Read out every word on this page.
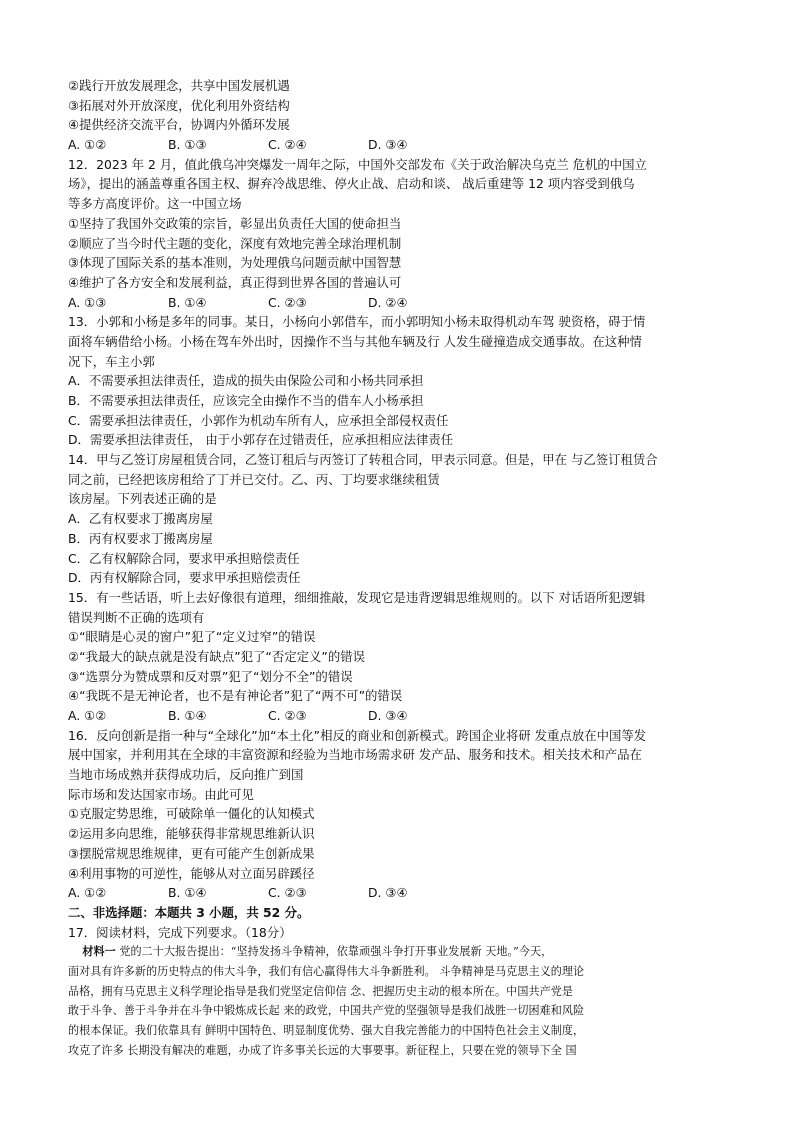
②践行开放发展理念，共享中国发展机遇
③拓展对外开放深度，优化利用外资结构
④提供经济交流平台，协调内外循环发展
A. ①②	B. ①③	C. ②④	D. ③④
12．2023 年 2 月，值此俄乌冲突爆发一周年之际，中国外交部发布《关于政治解决乌克兰 危机的中国立
场》，提出的涵盖尊重各国主权、摒弃冷战思维、停火止战、启动和谈、 战后重建等 12 项内容受到俄乌
等多方高度评价。这一中国立场
①坚持了我国外交政策的宗旨，彰显出负责任大国的使命担当
②顺应了当今时代主题的变化，深度有效地完善全球治理机制
③体现了国际关系的基本准则，为处理俄乌问题贡献中国智慧
④维护了各方安全和发展利益，真正得到世界各国的普遍认可
A. ①③	B. ①④	C. ②③	D. ②④
13．小郭和小杨是多年的同事。某日，小杨向小郭借车，而小郭明知小杨未取得机动车驾 驶资格，碍于情
面将车辆借给小杨。小杨在驾车外出时，因操作不当与其他车辆及行 人发生碰撞造成交通事故。在这种情
况下，车主小郭
A．不需要承担法律责任，造成的损失由保险公司和小杨共同承担
B．不需要承担法律责任，应该完全由操作不当的借车人小杨承担
C．需要承担法律责任，小郭作为机动车所有人，应承担全部侵权责任
D．需要承担法律责任， 由于小郭存在过错责任，应承担相应法律责任
14．甲与乙签订房屋租赁合同，乙签订租后与丙签订了转租合同，甲表示同意。但是，甲在 与乙签订租赁合
同之前，已经把该房租给了丁并已交付。乙、丙、丁均要求继续租赁
该房屋。下列表述正确的是
A．乙有权要求丁搬离房屋
B．丙有权要求丁搬离房屋
C．乙有权解除合同，要求甲承担赔偿责任
D．丙有权解除合同，要求甲承担赔偿责任
15．有一些话语，听上去好像很有道理，细细推敲，发现它是违背逻辑思维规则的。以下 对话语所犯逻辑
错误判断不正确的选项有
①“眼睛是心灵的窗户”犯了“定义过窄”的错误
②“我最大的缺点就是没有缺点”犯了“否定定义”的错误
③“选票分为赞成票和反对票”犯了“划分不全”的错误
④“我既不是无神论者，也不是有神论者”犯了“两不可”的错误
A. ①②	B. ①④	C. ②③	D. ③④
16．反向创新是指一种与“全球化”加“本土化”相反的商业和创新模式。跨国企业将研 发重点放在中国等发
展中国家，并利用其在全球的丰富资源和经验为当地市场需求研 发产品、服务和技术。相关技术和产品在
当地市场成熟并获得成功后，反向推广到国
际市场和发达国家市场。由此可见
①克服定势思维，可破除单一僵化的认知模式
②运用多向思维，能够获得非常规思维新认识
③摆脱常规思维规律，更有可能产生创新成果
④利用事物的可逆性，能够从对立面另辟蹊径
A. ①②	B. ①④	C. ②③	D. ③④
二、非选择题：本题共 3 小题，共 52 分。
17．阅读材料，完成下列要求。（18分）
材料一 党的二十大报告提出：“坚持发扬斗争精神，依靠顽强斗争打开事业发展新 天地。”今天，
面对具有许多新的历史特点的伟大斗争，我们有信心赢得伟大斗争新胜利。 斗争精神是马克思主义的理论
品格，拥有马克思主义科学理论指导是我们党坚定信仰信 念、把握历史主动的根本所在。中国共产党是
敢于斗争、善于斗争并在斗争中锻炼成长起 来的政党，中国共产党的坚强领导是我们战胜一切困难和风险
的根本保证。我们依靠具有 鲜明中国特色、明显制度优势、强大自我完善能力的中国特色社会主义制度，
攻克了许多 长期没有解决的难题，办成了许多事关长远的大事要事。新征程上，只要在党的领导下全 国
